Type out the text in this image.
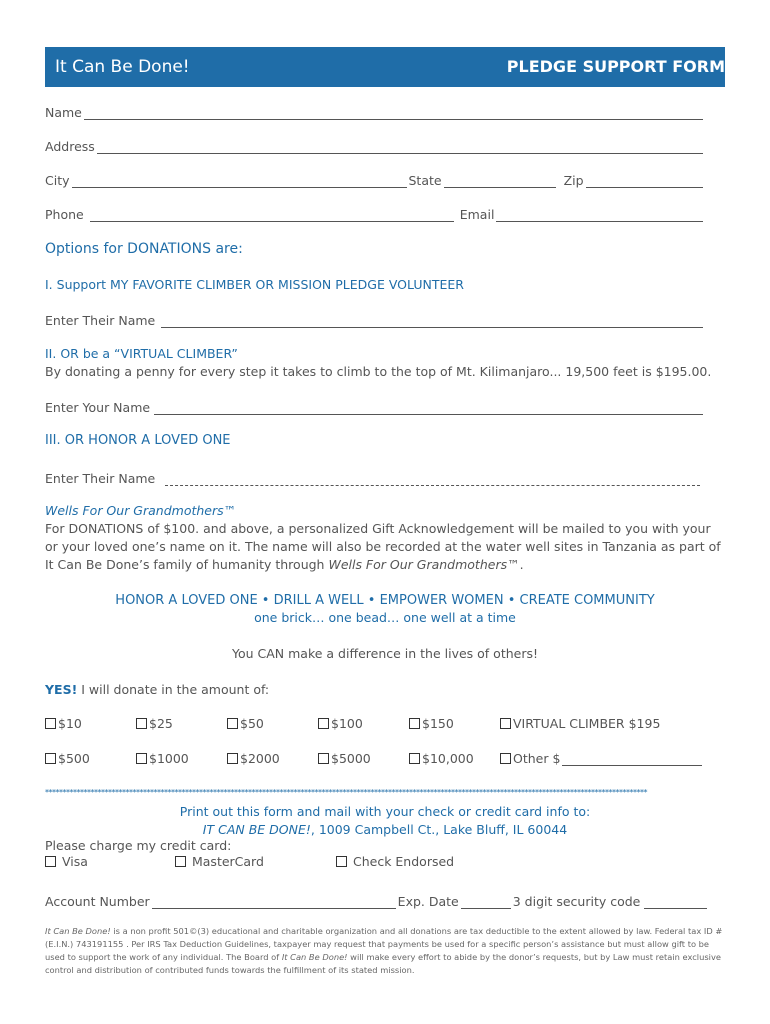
It Can Be Done!	PLEDGE SUPPORT FORM
Name
Address
City	State	Zip
Phone	Email
Options for DONATIONS are:
I. Support MY FAVORITE CLIMBER OR MISSION PLEDGE VOLUNTEER
Enter Their Name
II. OR be a “VIRTUAL CLIMBER”
By donating a penny for every step it takes to climb to the top of Mt. Kilimanjaro... 19,500 feet is $195.00.
Enter Your Name
III. OR HONOR A LOVED ONE
Enter Their Name
Wells For Our Grandmothers™
For DONATIONS of $100. and above, a personalized Gift Acknowledgement will be mailed to you with your or your loved one’s name on it. The name will also be recorded at the water well sites in Tanzania as part of It Can Be Done’s family of humanity through Wells For Our Grandmothers™.
HONOR A LOVED ONE • DRILL A WELL • EMPOWER WOMEN • CREATE COMMUNITY
one brick… one bead… one well at a time
You CAN make a difference in the lives of others!
YES! I will donate in the amount of:
$10	$25	$50	$100	$150	VIRTUAL CLIMBER $195
$500	$1000	$2000	$5000	$10,000	Other $
****************************************************************************************************************************************************************************
Print out this form and mail with your check or credit card info to:
IT CAN BE DONE!, 1009 Campbell Ct., Lake Bluff, IL 60044
Please charge my credit card:
Visa	MasterCard	Check Endorsed
Account Number	Exp. Date	3 digit security code
It Can Be Done! is a non profit 501©(3) educational and charitable organization and all donations are tax deductible to the extent allowed by law. Federal tax ID # (E.I.N.) 743191155 . Per IRS Tax Deduction Guidelines, taxpayer may request that payments be used for a specific person’s assistance but must allow gift to be used to support the work of any individual. The Board of It Can Be Done! will make every effort to abide by the donor’s requests, but by Law must retain exclusive control and distribution of contributed funds towards the fulfillment of its stated mission.
